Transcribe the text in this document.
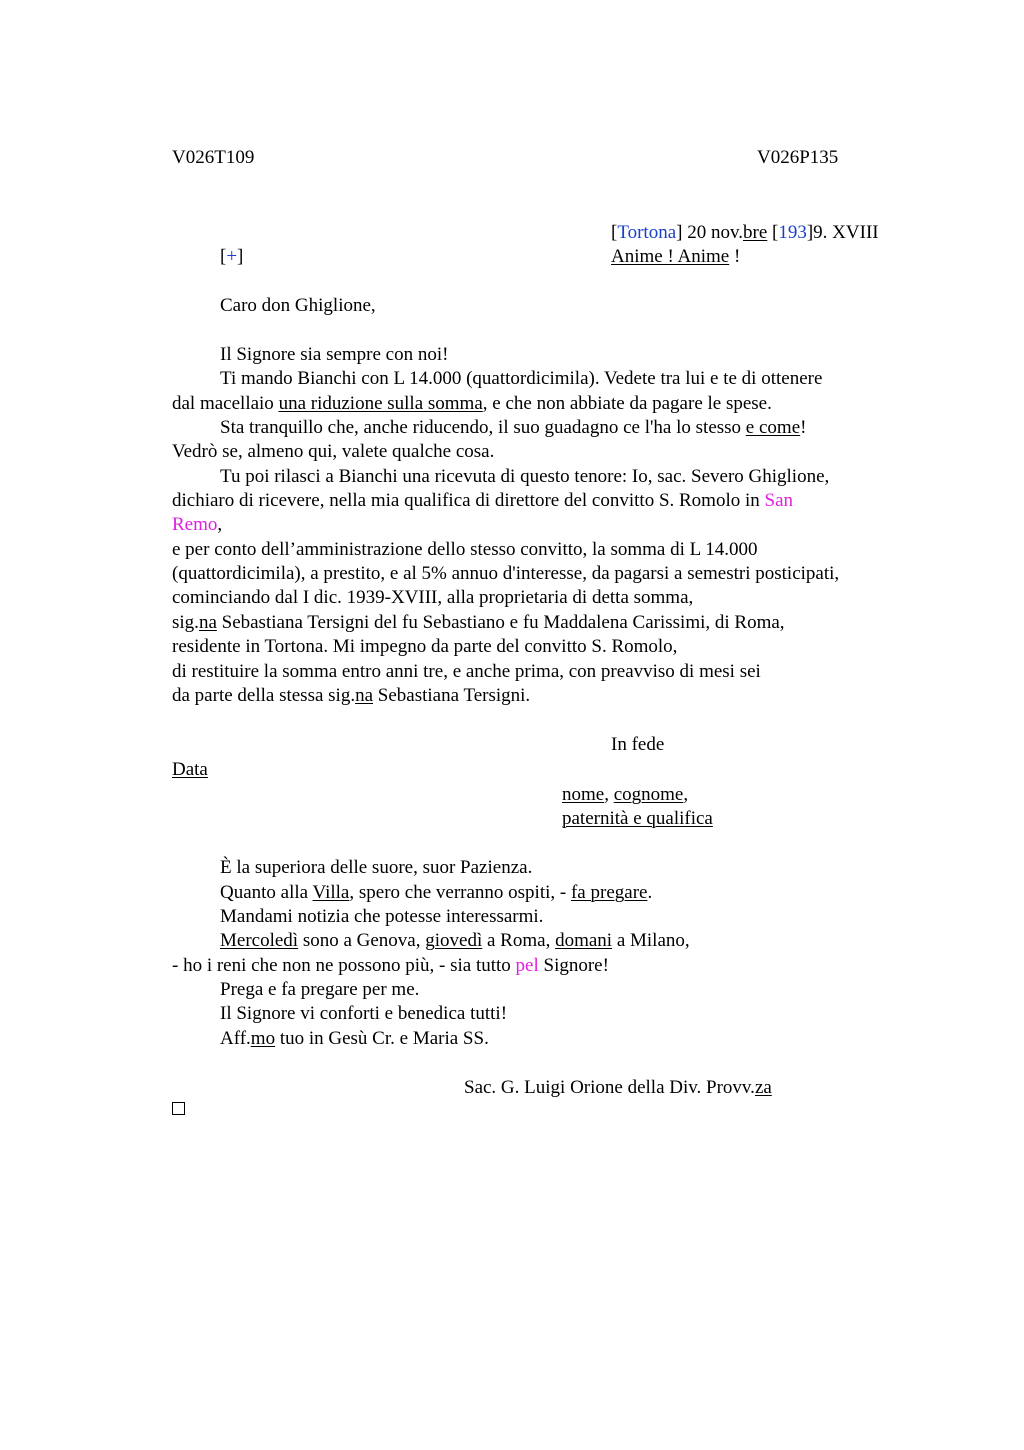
V026T109	V026P135
[Tortona] 20 nov.bre [193]9. XVIII
[+]	Anime ! Anime !
Caro don Ghiglione,
Il Signore sia sempre con noi!
Ti mando Bianchi con L 14.000 (quattordicimila). Vedete tra lui e te di ottenere
dal macellaio una riduzione sulla somma, e che non abbiate da pagare le spese.
Sta tranquillo che, anche riducendo, il suo guadagno ce l'ha lo stesso e come!
Vedrò se, almeno qui, valete qualche cosa.
Tu poi rilasci a Bianchi una ricevuta di questo tenore: Io, sac. Severo Ghiglione,
dichiaro di ricevere, nella mia qualifica di direttore del convitto S. Romolo in San
Remo,
e per conto dell’amministrazione dello stesso convitto, la somma di L 14.000
(quattordicimila), a prestito, e al 5% annuo d'interesse, da pagarsi a semestri posticipati,
cominciando dal I dic. 1939-XVIII, alla proprietaria di detta somma,
sig.na Sebastiana Tersigni del fu Sebastiano e fu Maddalena Carissimi, di Roma,
residente in Tortona. Mi impegno da parte del convitto S. Romolo,
di restituire la somma entro anni tre, e anche prima, con preavviso di mesi sei
da parte della stessa sig.na Sebastiana Tersigni.
In fede
Data
nome, cognome,
paternità e qualifica
È la superiora delle suore, suor Pazienza.
Quanto alla Villa, spero che verranno ospiti, - fa pregare.
Mandami notizia che potesse interessarmi.
Mercoledì sono a Genova, giovedì a Roma, domani a Milano,
- ho i reni che non ne possono più, - sia tutto pel Signore!
Prega e fa pregare per me.
Il Signore vi conforti e benedica tutti!
Aff.mo tuo in Gesù Cr. e Maria SS.
Sac. G. Luigi Orione della Div. Provv.za
